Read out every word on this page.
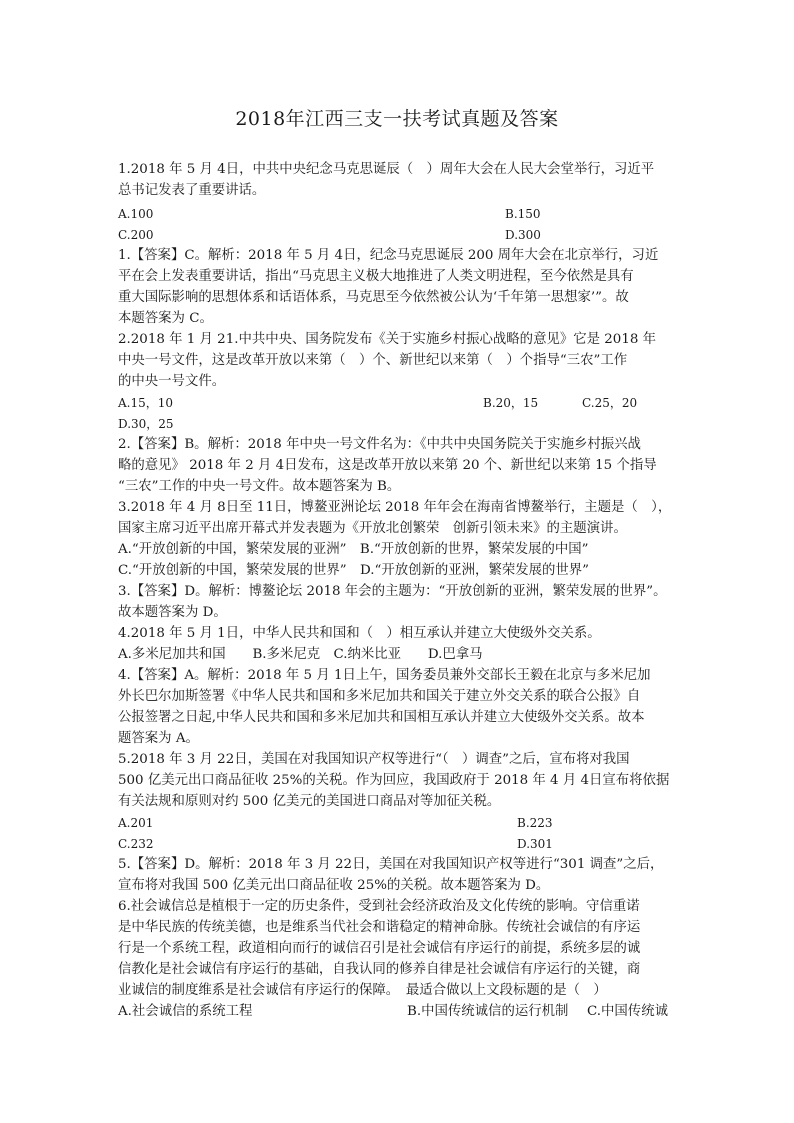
2018年江西三支一扶考试真题及答案
1.2018 年 5 月 4日，中共中央纪念马克思诞辰（　）周年大会在人民大会堂举行，习近平
总书记发表了重要讲话。
A.100	B.150
C.200	D.300
1.【答案】C。解析：2018 年 5 月 4日，纪念马克思诞辰 200 周年大会在北京举行，习近
平在会上发表重要讲话，指出“马克思主义极大地推进了人类文明进程，至今依然是具有
重大国际影响的思想体系和话语体系，马克思至今依然被公认为‘千年第一思想家’”。故
本题答案为 C。
2.2018 年 1 月 21.中共中央、国务院发布《关于实施乡村振心战略的意见》它是 2018 年
中央一号文件，这是改革开放以来第（　）个、新世纪以来第（　）个指导“三农”工作
的中央一号文件。
A.15，10	B.20，15	C.25，20
D.30，25
2.【答案】B。解析：2018 年中央一号文件名为：《中共中央国务院关于实施乡村振兴战
略的意见》 2018 年 2 月 4日发布，这是改革开放以来第 20 个、新世纪以来第 15 个指导
“三农”工作的中央一号文件。故本题答案为 B。
3.2018 年 4 月 8日至 11日，博鳌亚洲论坛 2018 年年会在海南省博鳌举行，主题是（　），
国家主席习近平出席开幕式并发表题为《开放北创繁荣　创新引领未来》的主题演讲。
A.“开放创新的中国，繁荣发展的亚洲”　B.“开放创新的世界，繁荣发展的中国”
C.“开放创新的中国，繁荣发展的世界”　D.“开放创新的亚洲，繁荣发展的世界”
3.【答案】D。解析：博鳌论坛 2018 年会的主题为：“开放创新的亚洲，繁荣发展的世界”。
故本题答案为 D。
4.2018 年 5 月 1日，中华人民共和国和（　）相互承认并建立大使级外交关系。
A.多米尼加共和国　　B.多米尼克　C.纳米比亚　　D.巴拿马
4.【答案】A。解析：2018 年 5 月 1日上午，国务委员兼外交部长王毅在北京与多米尼加
外长巴尔加斯签署《中华人民共和国和多米尼加共和国关于建立外交关系的联合公报》自
公报签署之日起,中华人民共和国和多米尼加共和国相互承认并建立大使级外交关系。故本
题答案为 A。
5.2018 年 3 月 22日，美国在对我国知识产权等进行“（　）调查”之后，宣布将对我国
500 亿美元出口商品征收 25%的关税。作为回应，我国政府于 2018 年 4 月 4日宣布将依据
有关法规和原则对约 500 亿美元的美国进口商品对等加征关税。
A.201	B.223
C.232	D.301
5.【答案】D。解析：2018 年 3 月 22日，美国在对我国知识产权等进行“301 调查”之后，
宣布将对我国 500 亿美元出口商品征收 25%的关税。故本题答案为 D。
6.社会诚信总是植根于一定的历史条件，受到社会经济政治及文化传统的影响。守信重诺
是中华民族的传统美德，也是维系当代社会和谐稳定的精神命脉。传统社会诚信的有序运
行是一个系统工程，政道相向而行的诚信召引是社会诚信有序运行的前提，系统多层的诚
信教化是社会诚信有序运行的基础，自我认同的修养自律是社会诚信有序运行的关键，商
业诚信的制度维系是社会诚信有序运行的保障。　最适合做以上文段标题的是（　）
A.社会诚信的系统工程	B.中国传统诚信的运行机制 C.中国传统诚
